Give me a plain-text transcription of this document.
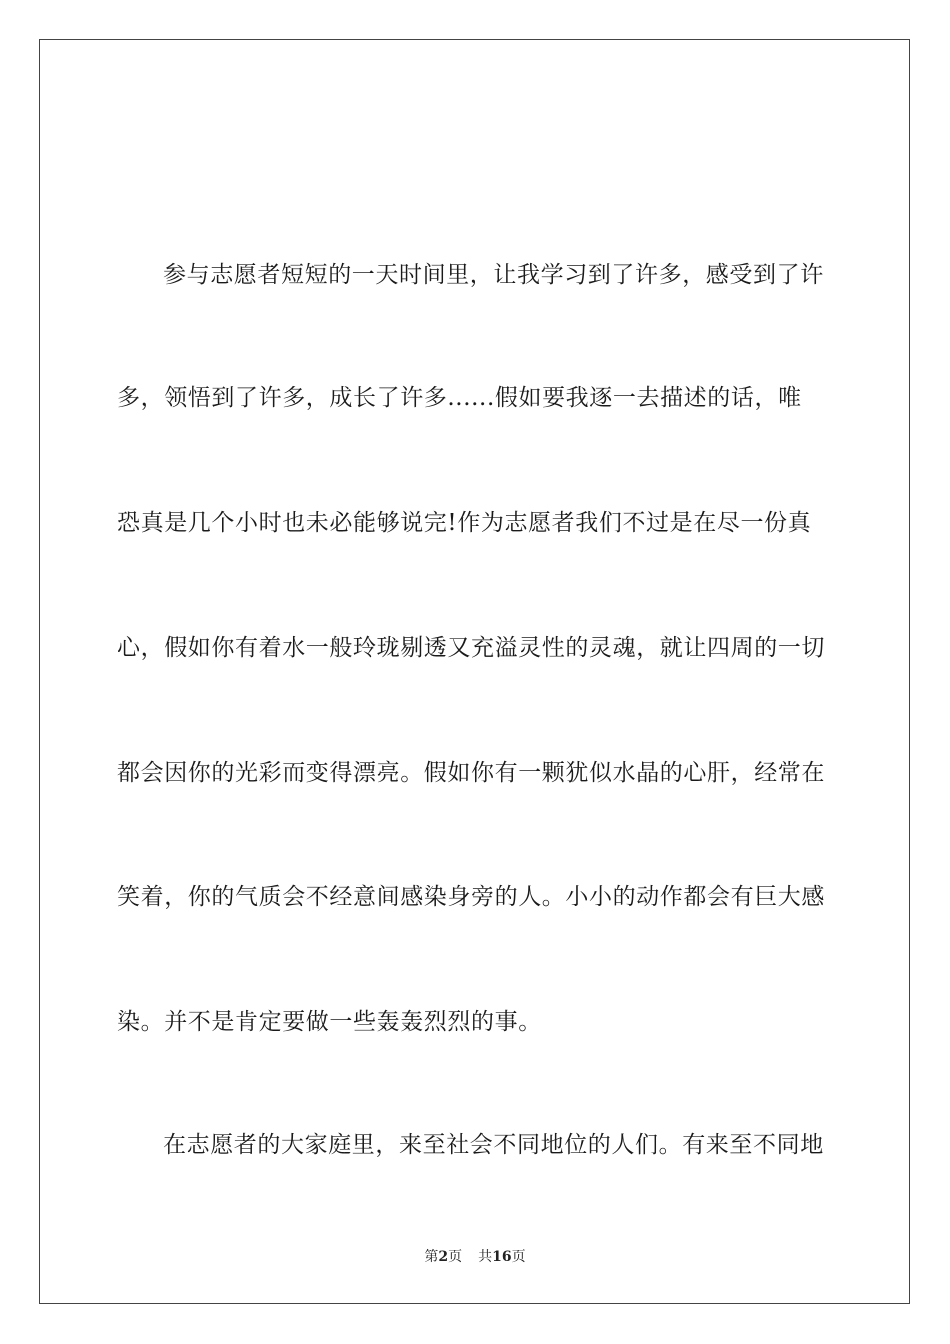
参与志愿者短短的一天时间里，让我学习到了许多，感受到了许
多，领悟到了许多，成长了许多......假如要我逐一去描述的话，唯
恐真是几个小时也未必能够说完!作为志愿者我们不过是在尽一份真
心，假如你有着水一般玲珑剔透又充溢灵性的灵魂，就让四周的一切
都会因你的光彩而变得漂亮。假如你有一颗犹似水晶的心肝，经常在
笑着，你的气质会不经意间感染身旁的人。小小的动作都会有巨大感
染。并不是肯定要做一些轰轰烈烈的事。
在志愿者的大家庭里，来至社会不同地位的人们。有来至不同地
第2页 共16页
